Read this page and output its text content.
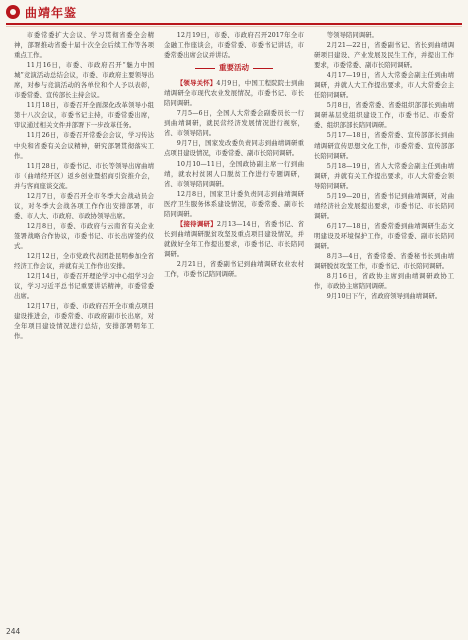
曲靖年鉴

市委常委扩大会议、学习贯彻省委全会精神，部署推动省委十届十次全会后续工作等各项重点工作。

11月16日，市委、市政府召开“魅力中国城”竞演活动总结会议，市委、市政府主要领导出席，对参与竞演活动的各单位和个人予以表彰，市委常委、宣传部长主持会议。

11月18日，市委召开全面深化改革领导小组第十八次会议，市委书记主持，市委常委出席，审议通过相关文件并部署下一步改革任务。

11月26日，市委召开常委会会议，学习传达中央和省委有关会议精神，研究部署贯彻落实工作。

11月28日，市委书记、市长等领导出席曲靖市（曲靖经开区）返乡创业暨招商引资推介会，并与客商座谈交流。

12月7日，市委召开全市冬季大会战动员会议，对冬季大会战各项工作作出安排部署，市委、市人大、市政府、市政协领导出席。

12月8日，市委、市政府与云南省有关企业签署战略合作协议，市委书记、市长出席签约仪式。

12月12日，全市党政代表团赴昆明参加全省经济工作会议，并就有关工作作出安排。

12月14日，市委召开理论学习中心组学习会议，学习习近平总书记重要讲话精神，市委常委出席。

12月17日，市委、市政府召开全市重点项目建设推进会，市委常委、市政府副市长出席，对全年项目建设情况进行总结，安排部署明年工作。

12月19日，市委、市政府召开2017年全市金融工作座谈会，市委常委、市委书记讲话，市委常委出席会议并讲话。

重要活动

【领导关怀】4月9日，中国工程院院士到曲靖调研全市现代农业发展情况，市委书记、市长陪同调研。

7月5—6日，全国人大常委会副委员长一行到曲靖调研，就民营经济发展情况进行视察，省、市领导陪同。

9月7日，国家发改委负责同志到曲靖调研重点项目建设情况，市委常委、副市长陪同调研。

10月10—11日，全国政协副主席一行到曲靖，就农村贫困人口脱贫工作进行专题调研，省、市领导陪同调研。

12月8日，国家卫计委负责同志到曲靖调研医疗卫生服务体系建设情况，市委常委、副市长陪同调研。

【接待调研】2月13—14日，省委书记、省长到曲靖调研脱贫攻坚及重点项目建设情况，并就做好全年工作提出要求，市委书记、市长陪同调研。

2月21日，省委副书记到曲靖调研农业农村工作，市委书记陪同调研。

等领导陪同调研。

2月21—22日，省委副书记、省长到曲靖调研项目建设、产业发展及民生工作，并提出工作要求，市委常委、副市长陪同调研。

4月17—19日，省人大常委会副主任到曲靖调研，并就人大工作提出要求，市人大常委会主任陪同调研。

5月8日，省委常委、省委组织部部长到曲靖调研基层党组织建设工作，市委书记、市委常委、组织部部长陪同调研。

5月17—18日，省委常委、宣传部部长到曲靖调研宣传思想文化工作，市委常委、宣传部部长陪同调研。

5月18—19日，省人大常委会副主任到曲靖调研，并就有关工作提出要求，市人大常委会领导陪同调研。

5月19—20日，省委书记到曲靖调研，对曲靖经济社会发展提出要求，市委书记、市长陪同调研。

6月17—18日，省委常委到曲靖调研生态文明建设及环境保护工作，市委常委、副市长陪同调研。

8月3—4日，省委常委、省委秘书长到曲靖调研脱贫攻坚工作，市委书记、市长陪同调研。

8月16日，省政协主席到曲靖调研政协工作，市政协主席陪同调研。

9月10日下午，省政府领导到曲靖调研。

244
